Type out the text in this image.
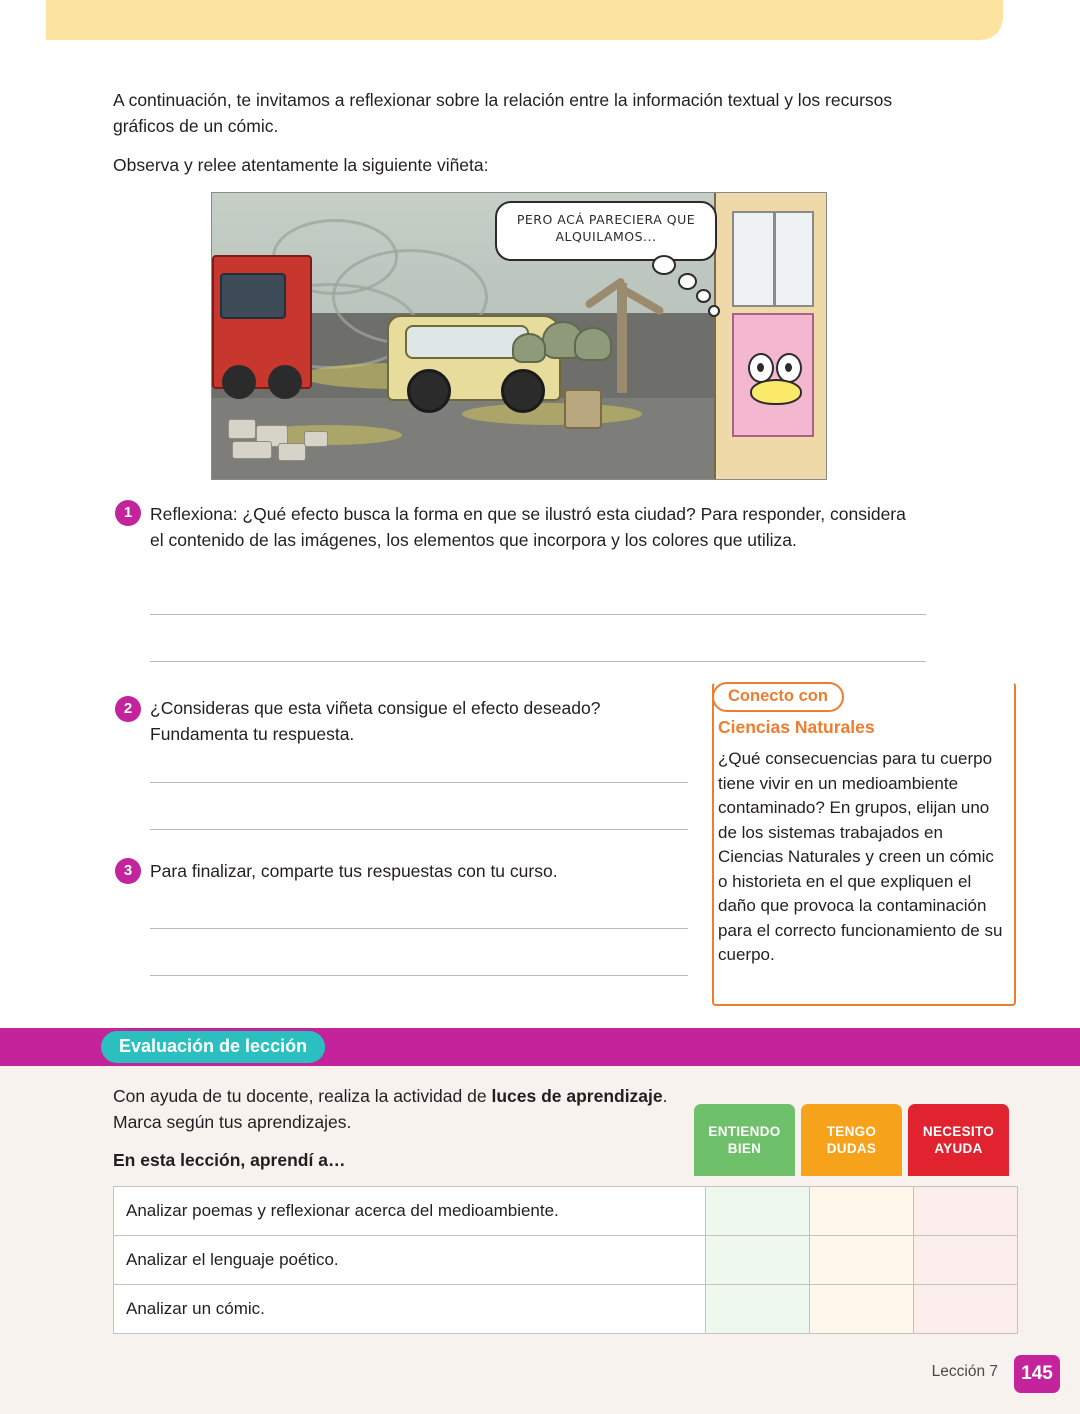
A continuación, te invitamos a reflexionar sobre la relación entre la información textual y los recursos gráficos de un cómic.
Observa y relee atentamente la siguiente viñeta:
PERO ACÁ PARECIERA QUE ALQUILAMOS...
1	Reflexiona: ¿Qué efecto busca la forma en que se ilustró esta ciudad? Para responder, considera el contenido de las imágenes, los elementos que incorpora y los colores que utiliza.
2	¿Consideras que esta viñeta consigue el efecto deseado? Fundamenta tu respuesta.
3	Para finalizar, comparte tus respuestas con tu curso.
Conecto con
Ciencias Naturales
¿Qué consecuencias para tu cuerpo tiene vivir en un medioambiente contaminado? En grupos, elijan uno de los sistemas trabajados en Ciencias Naturales y creen un cómic o historieta en el que expliquen el daño que provoca la contaminación para el correcto funcionamiento de su cuerpo.
Evaluación de lección
Con ayuda de tu docente, realiza la actividad de luces de aprendizaje. Marca según tus aprendizajes.
En esta lección, aprendí a…
ENTIENDO
BIEN
TENGO
DUDAS
NECESITO
AYUDA
Analizar poemas y reflexionar acerca del medioambiente.			
Analizar el lenguaje poético.			
Analizar un cómic.			
Lección 7	145
